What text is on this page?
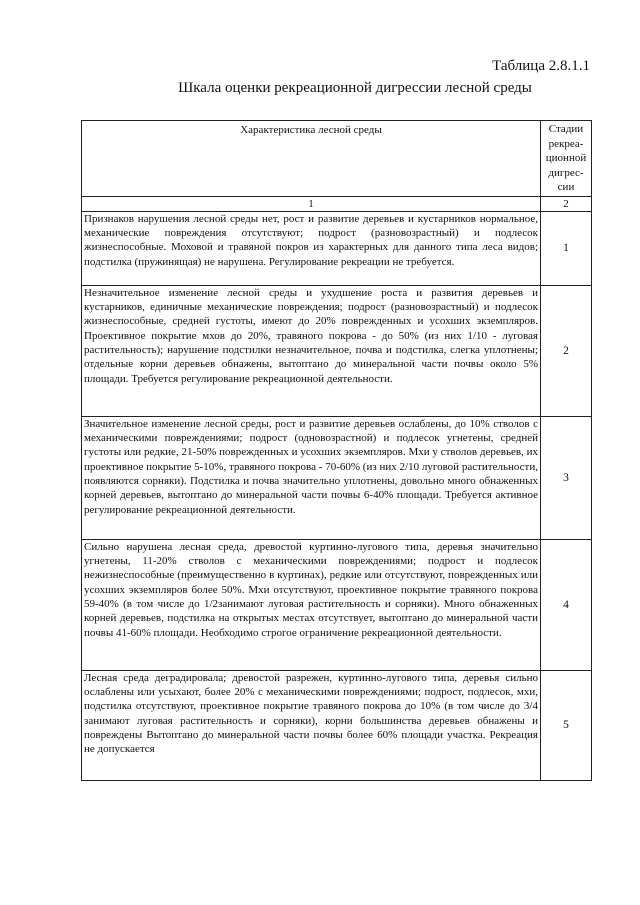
Таблица 2.8.1.1
Шкала оценки рекреационной дигрессии лесной среды
Характеристика лесной среды	Стадии рекреа-ционной дигрес-сии
1	2
Признаков нарушения лесной среды нет, рост и развитие деревьев и кустарников нормальное, механические повреждения отсутствуют; подрост (разновозрастный) и подлесок жизнеспособные. Моховой и травяной покров из характерных для данного типа леса видов; подстилка (пружинящая) не нарушена. Регулирование рекреации не требуется.	1
Незначительное изменение лесной среды и ухудшение роста и развития деревьев и кустарников, единичные механические повреждения; подрост (разновозрастный) и подлесок жизнеспособные, средней густоты, имеют до 20% поврежденных и усохших экземпляров. Проективное покрытие мхов до 20%, травяного покрова - до 50% (из них 1/10 - луговая растительность); нарушение подстилки незначительное, почва и подстилка, слегка уплотнены; отдельные корни деревьев обнажены, вытоптано до минеральной части почвы около 5% площади. Требуется регулирование рекреационной деятельности.	2
Значительное изменение лесной среды, рост и развитие деревьев ослаблены, до 10% стволов с механическими повреждениями; подрост (одновозрастной) и подлесок угнетены, средней густоты или редкие, 21-50% поврежденных и усохших экземпляров. Мхи у стволов деревьев, их проективное покрытие 5-10%, травяного покрова - 70-60% (из них 2/10 луговой растительности, появляются сорняки). Подстилка и почва значительно уплотнены, довольно много обнаженных корней деревьев, вытоптано до минеральной части почвы 6-40% площади. Требуется активное регулирование рекреационной деятельности.	3
Сильно нарушена лесная среда, древостой куртинно-лугового типа, деревья значительно угнетены, 11-20% стволов с механическими повреждениями; подрост и подлесок нежизнеспособные (преимущественно в куртинах), редкие или отсутствуют, поврежденных или усохших экземпляров более 50%. Мхи отсутствуют, проективное покрытие травяного покрова 59-40% (в том числе до 1/2занимают луговая растительность и сорняки). Много обнаженных корней деревьев, подстилка на открытых местах отсутствует, вытоптано до минеральной части почвы 41-60% площади. Необходимо строгое ограничение рекреационной деятельности.	4
Лесная среда деградировала; древостой разрежен, куртинно-лугового типа, деревья сильно ослаблены или усыхают, более 20% с механическими повреждениями; подрост, подлесок, мхи, подстилка отсутствуют, проективное покрытие травяного покрова до 10% (в том числе до 3/4 занимают луговая растительность и сорняки), корни большинства деревьев обнажены и повреждены Вытоптано до минеральной части почвы более 60% площади участка. Рекреация не допускается	5
